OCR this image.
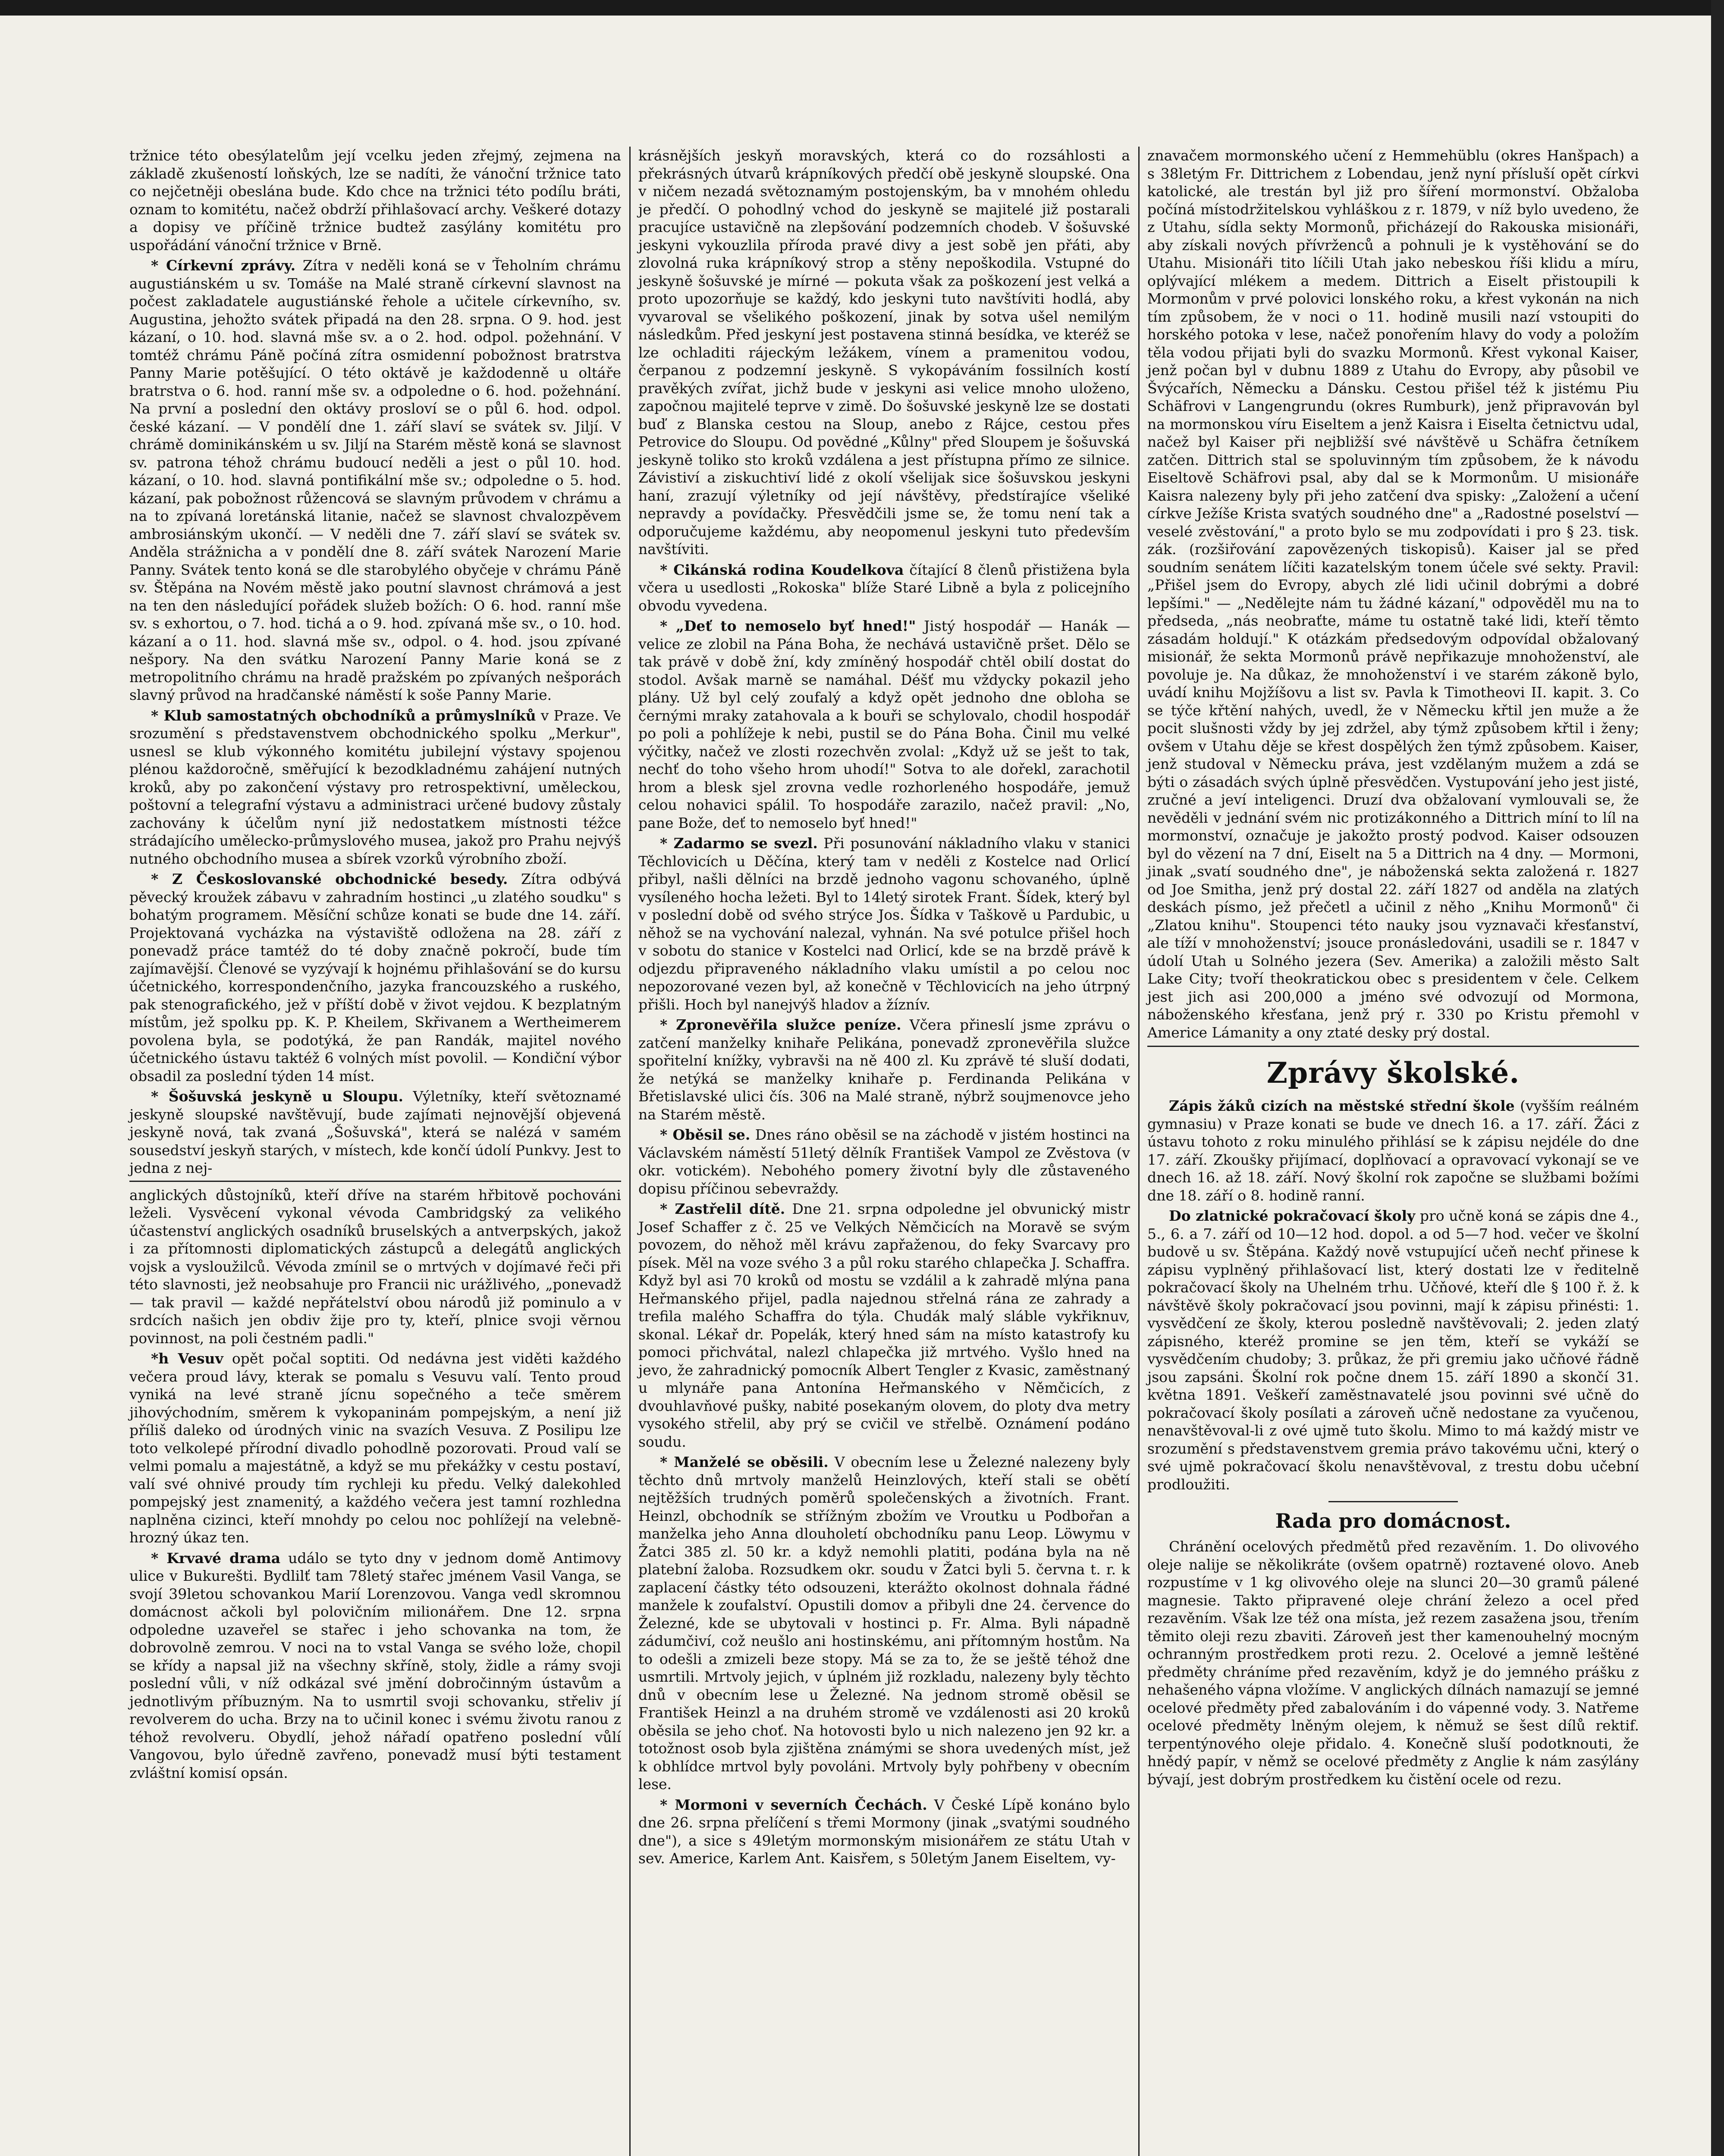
tržnice této obesýlatelům její vcelku jeden zřejmý, zejmena na základě zkušeností loňských, lze se nadíti, že vánoční tržnice tato co nejčetněji obeslána bude. Kdo chce na tržnici této podílu bráti, oznam to komitétu, načež obdrží přihlašovací archy. Veškeré dotazy a dopisy ve příčině tržnice budtež zasýlány komitétu pro uspořádání vánoční tržnice v Brně.

* Církevní zprávy. Zítra v neděli koná se v Ťeholním chrámu augustiánském u sv. Tomáše na Malé straně církevní slavnost na počest zakladatele augustiánské řehole a učitele církevního, sv. Augustina, jehožto svátek připadá na den 28. srpna. O 9. hod. jest kázaní, o 10. hod. slavná mše sv. a o 2. hod. odpol. požehnání. V tomtéž chrámu Páně počíná zítra osmidenní pobožnost bratrstva Panny Marie potěšující. O této oktávě je každodenně u oltáře bratrstva o 6. hod. ranní mše sv. a odpoledne o 6. hod. požehnání. Na první a poslední den oktávy prosloví se o půl 6. hod. odpol. české kázaní. — V pondělí dne 1. září slaví se svátek sv. Jiljí. V chrámě dominikánském u sv. Jiljí na Starém městě koná se slavnost sv. patrona téhož chrámu budoucí neděli a jest o půl 10. hod. kázaní, o 10. hod. slavná pontifikální mše sv.; odpoledne o 5. hod. kázaní, pak pobožnost růžencová se slavným průvodem v chrámu a na to zpívaná loretánská litanie, načež se slavnost chvalozpěvem ambrosiánským ukončí. — V neděli dne 7. září slaví se svátek sv. Anděla strážnicha a v pondělí dne 8. září svátek Narození Marie Panny. Svátek tento koná se dle starobylého obyčeje v chrámu Páně sv. Štěpána na Novém městě jako poutní slavnost chrámová a jest na ten den následující pořádek služeb božích: O 6. hod. ranní mše sv. s exhortou, o 7. hod. tichá a o 9. hod. zpívaná mše sv., o 10. hod. kázaní a o 11. hod. slavná mše sv., odpol. o 4. hod. jsou zpívané nešpory. Na den svátku Narození Panny Marie koná se z metropolitního chrámu na hradě pražském po zpívaných nešporách slavný průvod na hradčanské náměstí k soše Panny Marie.

* Klub samostatných obchodníků a průmyslníků v Praze. Ve srozumění s představenstvem obchodnického spolku „Merkur", usnesl se klub výkonného komitétu jubilejní výstavy spojenou plénou každoročně, směřující k bezodkladnému zahájení nutných kroků, aby po zakončení výstavy pro retrospektivní, uměleckou, poštovní a telegrafní výstavu a administraci určené budovy zůstaly zachovány k účelům nyní již nedostatkem místnosti téžce strádajícího umělecko-průmyslového musea, jakož pro Prahu nejvýš nutného obchodního musea a sbírek vzorků výrobního zboží.

* Z Českoslovanské obchodnické besedy. Zítra odbývá pěvecký kroužek zábavu v zahradním hostinci „u zlatého soudku" s bohatým programem. Měsíční schůze konati se bude dne 14. září. Projektovaná vycházka na výstaviště odložena na 28. září z ponevadž práce tamtéž do té doby značně pokročí, bude tím zajímavější. Členové se vyzývají k hojnému přihlašování se do kursu účetnického, korrespondenčního, jazyka francouzského a ruského, pak stenografického, jež v příští době v život vejdou. K bezplatným místům, jež spolku pp. K. P. Kheilem, Skřivanem a Wertheimerem povolena byla, se podotýká, že pan Randák, majitel nového účetnického ústavu taktéž 6 volných míst povolil. — Kondiční výbor obsadil za poslední týden 14 míst.

* Šošuvská jeskyně u Sloupu. Výletníky, kteří světoznamé jeskyně sloupské navštěvují, bude zajímati nejnovější objevená jeskyně nová, tak zvaná „Šošuvská", která se nalézá v samém sousedství jeskyň starých, v místech, kde končí údolí Punkvy. Jest to jedna z nej-

anglických důstojníků, kteří dříve na starém hřbitově pochováni leželi. Vysvěcení vykonal vévoda Cambridgský za velikého účastenství anglických osadníků bruselských a antverpských, jakož i za přítomnosti diplomatických zástupců a delegátů anglických vojsk a vysloužilců. Vévoda zmínil se o mrtvých v dojímavé řeči při této slavnosti, jež neobsahuje pro Francii nic urážlivého, „ponevadž — tak pravil — každé nepřátelství obou národů již pominulo a v srdcích našich jen obdiv žije pro ty, kteří, plnice svoji věrnou povinnost, na poli čestném padli."

*h Vesuv opět počal soptiti. Od nedávna jest viděti každého večera proud lávy, kterak se pomalu s Vesuvu valí. Tento proud vyniká na levé straně jícnu sopečného a teče směrem jihovýchodním, směrem k vykopaninám pompejským, a není již příliš daleko od úrodných vinic na svazích Vesuva. Z Posilipu lze toto velkolepé přírodní divadlo pohodlně pozorovati. Proud valí se velmi pomalu a majestátně, a když se mu překážky v cestu postaví, valí své ohnivé proudy tím rychleji ku předu. Velký dalekohled pompejský jest znamenitý, a každého večera jest tamní rozhledna naplněna cizinci, kteří mnohdy po celou noc pohlížejí na velebně-hrozný úkaz ten.

* Krvavé drama událo se tyto dny v jednom domě Antimovy ulice v Bukurešti. Bydlilť tam 78letý stařec jménem Vasil Vanga, se svojí 39letou schovankou Marií Lorenzovou. Vanga vedl skromnou domácnost ačkoli byl polovičním milionářem. Dne 12. srpna odpoledne uzaveřel se stařec i jeho schovanka na tom, že dobrovolně zemrou. V noci na to vstal Vanga se svého lože, chopil se křídy a napsal již na všechny skříně, stoly, židle a rámy svoji poslední vůli, v níž odkázal své jmění dobročinným ústavům a jednotlivým příbuzným. Na to usmrtil svoji schovanku, střeliv jí revolverem do ucha. Brzy na to učinil konec i svému životu ranou z téhož revolveru. Obydlí, jehož nářadí opatřeno poslední vůlí Vangovou, bylo úředně zavřeno, ponevadž musí býti testament zvláštní komisí opsán.

krásnějších jeskyň moravských, která co do rozsáhlosti a překrásných útvarů krápníkových předčí obě jeskyně sloupské. Ona v ničem nezadá světoznamým postojenským, ba v mnohém ohledu je předčí. O pohodlný vchod do jeskyně se majitelé již postarali pracujíce ustavičně na zlepšování podzemních chodeb. V šošuvské jeskyni vykouzlila příroda pravé divy a jest sobě jen přáti, aby zlovolná ruka krápníkový strop a stěny nepoškodila. Vstupné do jeskyně šošuvské je mírné — pokuta však za poškození jest velká a proto upozorňuje se každý, kdo jeskyni tuto navštíviti hodlá, aby vyvaroval se všelikého poškození, jinak by sotva ušel nemilým následkům. Před jeskyní jest postavena stinná besídka, ve kteréž se lze ochladiti rájeckým ležákem, vínem a pramenitou vodou, čerpanou z podzemní jeskyně. S vykopáváním fossilních kostí pravěkých zvířat, jichž bude v jeskyni asi velice mnoho uloženo, započnou majitelé teprve v zimě. Do šošuvské jeskyně lze se dostati buď z Blanska cestou na Sloup, anebo z Rájce, cestou přes Petrovice do Sloupu. Od povědné „Kůlny" před Sloupem je šošuvská jeskyně toliko sto kroků vzdálena a jest přístupna přímo ze silnice. Závistiví a ziskuchtiví lidé z okolí všelijak sice šošuvskou jeskyni haní, zrazují výletníky od její návštěvy, předstírajíce všeliké nepravdy a povídačky. Přesvědčili jsme se, že tomu není tak a odporučujeme každému, aby neopomenul jeskyni tuto především navštíviti.

* Cikánská rodina Koudelkova čítající 8 členů přistižena byla včera u usedlosti „Rokoska" blíže Staré Libně a byla z policejního obvodu vyvedena.

* „Deť to nemoselo byť hned!" Jistý hospodář — Hanák — velice ze zlobil na Pána Boha, že nechává ustavičně pršet. Dělo se tak právě v době žní, kdy zmíněný hospodář chtěl obilí dostat do stodol. Avšak marně se namáhal. Déšť mu vždycky pokazil jeho plány. Už byl celý zoufalý a když opět jednoho dne obloha se černými mraky zatahovala a k bouři se schylovalo, chodil hospodář po poli a pohlížeje k nebi, pustil se do Pána Boha. Činil mu velké výčitky, načež ve zlosti rozechvěn zvolal: „Když už se ješt to tak, nechť do toho všeho hrom uhodí!" Sotva to ale dořekl, zarachotil hrom a blesk sjel zrovna vedle rozhorleného hospodáře, jemuž celou nohavici spálil. To hospodáře zarazilo, načež pravil: „No, pane Bože, deť to nemoselo byť hned!"

* Zadarmo se svezl. Při posunování nákladního vlaku v stanici Těchlovicích u Děčína, který tam v neděli z Kostelce nad Orlicí přibyl, našli dělníci na brzdě jednoho vagonu schovaného, úplně vysíleného hocha ležeti. Byl to 14letý sirotek Frant. Šídek, který byl v poslední době od svého strýce Jos. Šídka v Taškově u Pardubic, u něhož se na vychování nalezal, vyhnán. Na své potulce přišel hoch v sobotu do stanice v Kostelci nad Orlicí, kde se na brzdě právě k odjezdu připraveného nákladního vlaku umístil a po celou noc nepozorované vezen byl, až konečně v Těchlovicích na jeho útrpný přišli. Hoch byl nanejvýš hladov a žíznív.

* Zpronevěřila služce peníze. Včera přineslí jsme zprávu o zatčení manželky knihaře Pelikána, ponevadž zpronevěřila služce spořitelní knížky, vybravši na ně 400 zl. Ku zprávě té sluší dodati, že netýká se manželky knihaře p. Ferdinanda Pelikána v Břetislavské ulici čís. 306 na Malé straně, nýbrž soujmenovce jeho na Starém městě.

* Oběsil se. Dnes ráno oběsil se na záchodě v jistém hostinci na Václavském náměstí 51letý dělník František Vampol ze Zvěstova (v okr. votickém). Nebohého pomery životní byly dle zůstaveného dopisu příčinou sebevraždy.

* Zastřelil dítě. Dne 21. srpna odpoledne jel obvunický mistr Josef Schaffer z č. 25 ve Velkých Němčicích na Moravě se svým povozem, do něhož měl krávu zapřaženou, do feky Svarcavy pro písek. Měl na voze svého 3 a půl roku starého chlapečka J. Schaffra. Když byl asi 70 kroků od mostu se vzdálil a k zahradě mlýna pana Heřmanského přijel, padla najednou střelná rána ze zahrady a trefila malého Schaffra do týla. Chudák malý sláble vykřiknuv, skonal. Lékař dr. Popelák, který hned sám na místo katastrofy ku pomoci přichvátal, nalezl chlapečka již mrtvého. Vyšlo hned na jevo, že zahradnický pomocník Albert Tengler z Kvasic, zaměstnaný u mlynáře pana Antonína Heřmanského v Němčicích, z dvouhlavňové pušky, nabité posekaným olovem, do ploty dva metry vysokého střelil, aby prý se cvičil ve střelbě. Oznámení podáno soudu.

* Manželé se oběsili. V obecním lese u Železné nalezeny byly těchto dnů mrtvoly manželů Heinzlových, kteří stali se obětí nejtěžších trudných poměrů společenských a životních. Frant. Heinzl, obchodník se střížným zbožím ve Vroutku u Podbořan a manželka jeho Anna dlouholetí obchodníku panu Leop. Löwymu v Žatci 385 zl. 50 kr. a když nemohli platiti, podána byla na ně platební žaloba. Rozsudkem okr. soudu v Žatci byli 5. června t. r. k zaplacení částky této odsouzeni, kterážto okolnost dohnala řádné manžele k zoufalství. Opustili domov a přibyli dne 24. července do Železné, kde se ubytovali v hostinci p. Fr. Alma. Byli nápadně zádumčiví, což neušlo ani hostinskému, ani přítomným hostům. Na to odešli a zmizeli beze stopy. Má se za to, že se ještě téhož dne usmrtili. Mrtvoly jejich, v úplném již rozkladu, nalezeny byly těchto dnů v obecním lese u Železné. Na jednom stromě oběsil se František Heinzl a na druhém stromě ve vzdálenosti asi 20 kroků oběsila se jeho choť. Na hotovosti bylo u nich nalezeno jen 92 kr. a totožnost osob byla zjištěna známými se shora uvedených míst, jež k obhlídce mrtvol byly povoláni. Mrtvoly byly pohřbeny v obecním lese.

* Mormoni v severních Čechách. V České Lípě konáno bylo dne 26. srpna přelíčení s třemi Mormony (jinak „svatými soudného dne"), a sice s 49letým mormonským misionářem ze státu Utah v sev. Americe, Karlem Ant. Kaisřem, s 50letým Janem Eiseltem, vy-

znavačem mormonského učení z Hemmehüblu (okres Hanšpach) a s 38letým Fr. Dittrichem z Lobendau, jenž nyní přísluší opět církvi katolické, ale trestán byl již pro šíření mormonství. Obžaloba počíná místodržitelskou vyhláškou z r. 1879, v níž bylo uvedeno, že z Utahu, sídla sekty Mormonů, přicházejí do Rakouska misionáři, aby získali nových přívrženců a pohnuli je k vystěhování se do Utahu. Misionáři tito líčili Utah jako nebeskou říši klidu a míru, oplývající mlékem a medem. Dittrich a Eiselt přistoupili k Mormonům v prvé polovici lonského roku, a křest vykonán na nich tím způsobem, že v noci o 11. hodině musili nazí vstoupiti do horského potoka v lese, načež ponořením hlavy do vody a položím těla vodou přijati byli do svazku Mormonů. Křest vykonal Kaiser, jenž počan byl v dubnu 1889 z Utahu do Evropy, aby působil ve Švýcařích, Německu a Dánsku. Cestou přišel též k jistému Piu Schäfrovi v Langengrundu (okres Rumburk), jenž připravován byl na mormonskou víru Eiseltem a jenž Kaisra i Eiselta četnictvu udal, načež byl Kaiser při nejbližší své návštěvě u Schäfra četníkem zatčen. Dittrich stal se spoluvinným tím způsobem, že k návodu Eiseltově Schäfrovi psal, aby dal se k Mormonům. U misionáře Kaisra nalezeny byly při jeho zatčení dva spisky: „Založení a učení církve Ježíše Krista svatých soudného dne" a „Radostné poselství — veselé zvěstování," a proto bylo se mu zodpovídati i pro § 23. tisk. zák. (rozšiřování zapovězených tiskopisů). Kaiser jal se před soudním senátem líčiti kazatelským tonem účele své sekty. Pravil: „Přišel jsem do Evropy, abych zlé lidi učinil dobrými a dobré lepšími." — „Nedělejte nám tu žádné kázaní," odpověděl mu na to předseda, „nás neobraťte, máme tu ostatně také lidi, kteří těmto zásadám holdují." K otázkám předsedovým odpovídal obžalovaný misionář, že sekta Mormonů právě nepřikazuje mnohoženství, ale povoluje je. Na důkaz, že mnohoženství i ve starém zákoně bylo, uvádí knihu Mojžíšovu a list sv. Pavla k Timotheovi II. kapit. 3. Co se týče křtění nahých, uvedl, že v Německu křtil jen muže a že pocit slušnosti vždy by jej zdržel, aby týmž způsobem křtil i ženy; ovšem v Utahu děje se křest dospělých žen týmž způsobem. Kaiser, jenž studoval v Německu práva, jest vzdělaným mužem a zdá se býti o zásadách svých úplně přesvědčen. Vystupování jeho jest jisté, zručné a jeví inteligenci. Druzí dva obžalovaní vymlouvali se, že nevěděli v jednání svém nic protizákonného a Dittrich míní to líl na mormonství, označuje je jakožto prostý podvod. Kaiser odsouzen byl do vězení na 7 dní, Eiselt na 5 a Dittrich na 4 dny. — Mormoni, jinak „svatí soudného dne", je náboženská sekta založená r. 1827 od Joe Smitha, jenž prý dostal 22. září 1827 od anděla na zlatých deskách písmo, jež přečetl a učinil z něho „Knihu Mormonů" či „Zlatou knihu". Stoupenci této nauky jsou vyznavači křesťanství, ale tíží v mnohoženství; jsouce pronásledováni, usadili se r. 1847 v údolí Utah u Solného jezera (Sev. Amerika) a založili město Salt Lake City; tvoří theokratickou obec s presidentem v čele. Celkem jest jich asi 200,000 a jméno své odvozují od Mormona, náboženského křesťana, jenž prý r. 330 po Kristu přemohl v Americe Lámanity a ony ztaté desky prý dostal.

Zprávy školské.

Zápis žáků cizích na městské střední škole (vyšším reálném gymnasiu) v Praze konati se bude ve dnech 16. a 17. září. Žáci z ústavu tohoto z roku minulého přihlásí se k zápisu nejdéle do dne 17. září. Zkoušky přijímací, doplňovací a opravovací vykonají se ve dnech 16. až 18. září. Nový školní rok započne se službami božími dne 18. září o 8. hodině ranní.

Do zlatnické pokračovací školy pro učně koná se zápis dne 4., 5., 6. a 7. září od 10—12 hod. dopol. a od 5—7 hod. večer ve školní budově u sv. Štěpána. Každý nově vstupující učeň nechť přinese k zápisu vyplněný přihlašovací list, který dostati lze v ředitelně pokračovací školy na Uhelném trhu. Učňové, kteří dle § 100 ř. ž. k návštěvě školy pokračovací jsou povinni, mají k zápisu přinésti: 1. vysvědčení ze školy, kterou posledně navštěvovali; 2. jeden zlatý zápisného, kteréž promine se jen těm, kteří se vykáží se vysvědčením chudoby; 3. průkaz, že při gremiu jako učňové řádně jsou zapsáni. Školní rok počne dnem 15. září 1890 a skončí 31. května 1891. Veškeří zaměstnavatelé jsou povinni své učně do pokračovací školy posílati a zároveň učně nedostane za vyučenou, nenavštěvoval-li z ové ujmě tuto školu. Mimo to má každý mistr ve srozumění s představenstvem gremia právo takovému učni, který o své ujmě pokračovací školu nenavštěvoval, z trestu dobu učební prodloužiti.

Rada pro domácnost.

Chránění ocelových předmětů před rezavěním. 1. Do olivového oleje nalije se několikráte (ovšem opatrně) roztavené olovo. Aneb rozpustíme v 1 kg olivového oleje na slunci 20—30 gramů pálené magnesie. Takto připravené oleje chrání železo a ocel před rezavěním. Však lze též ona místa, jež rezem zasažena jsou, třením těmito oleji rezu zbaviti. Zároveň jest ther kamenouhelný mocným ochranným prostředkem proti rezu. 2. Ocelové a jemně leštěné předměty chráníme před rezavěním, když je do jemného prášku z nehašeného vápna vložíme. V anglických dílnách namazují se jemné ocelové předměty před zabalováním i do vápenné vody. 3. Natřeme ocelové předměty lněným olejem, k němuž se šest dílů rektif. terpentýnového oleje přidalo. 4. Konečně sluší podotknouti, že hnědý papír, v němž se ocelové předměty z Anglie k nám zasýlány bývají, jest dobrým prostředkem ku čistění ocele od rezu.
